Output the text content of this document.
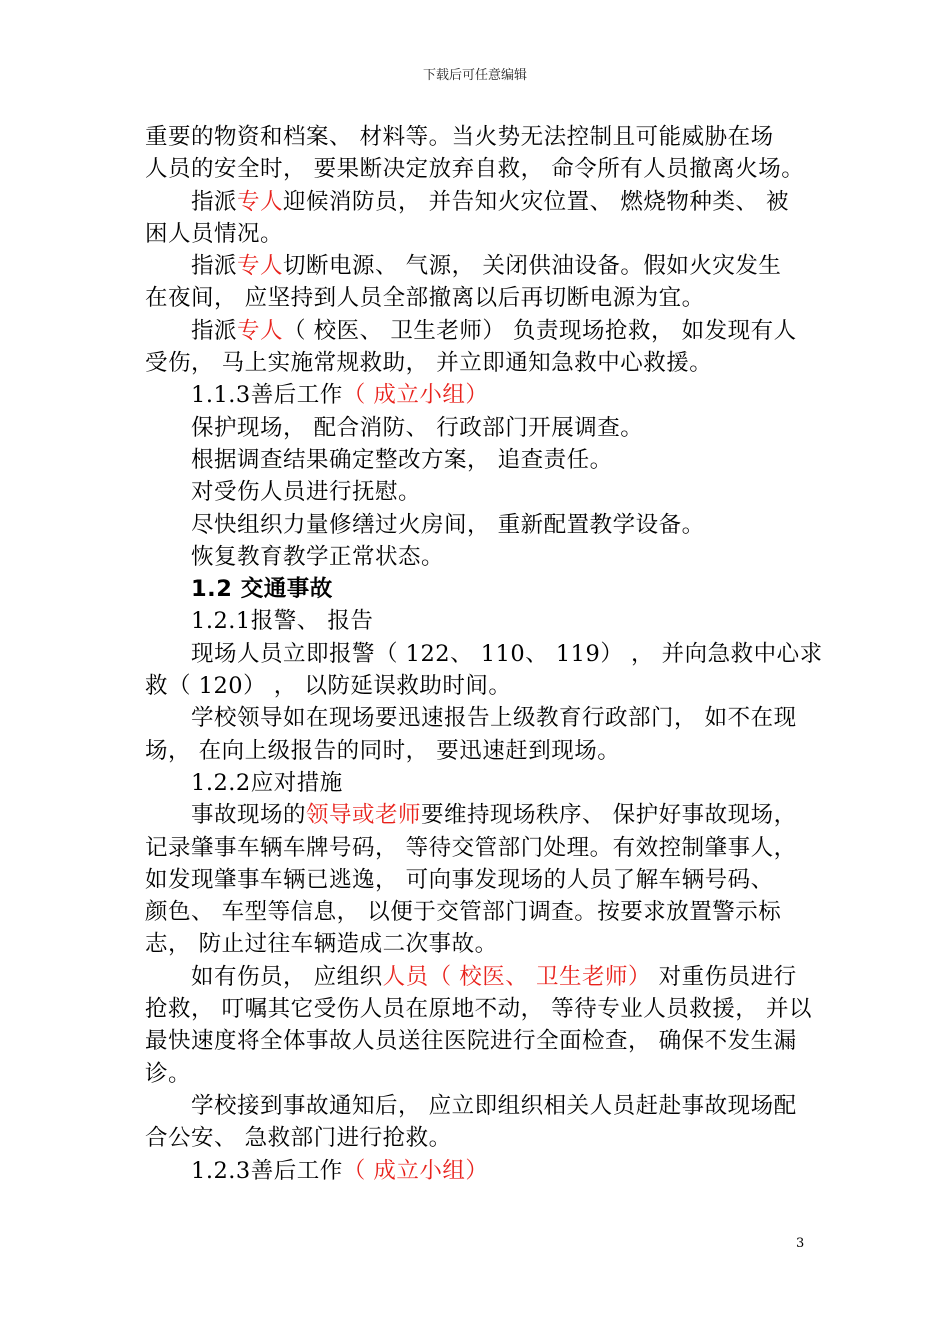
下载后可任意编辑
重要的物资和档案、 材料等。当火势无法控制且可能威胁在场
人员的安全时， 要果断决定放弃自救， 命令所有人员撤离火场。
指派专人迎候消防员， 并告知火灾位置、 燃烧物种类、 被
困人员情况。
指派专人切断电源、 气源， 关闭供油设备。假如火灾发生
在夜间， 应坚持到人员全部撤离以后再切断电源为宜。
指派专人（ 校医、 卫生老师） 负责现场抢救， 如发现有人
受伤， 马上实施常规救助， 并立即通知急救中心救援。
1.1.3善后工作（ 成立小组）
保护现场， 配合消防、 行政部门开展调查。
根据调查结果确定整改方案， 追查责任。
对受伤人员进行抚慰。
尽快组织力量修缮过火房间， 重新配置教学设备。
恢复教育教学正常状态。
1.2 交通事故
1.2.1报警、 报告
现场人员立即报警（ 122、 110、 119） ， 并向急救中心求
救（ 120） ， 以防延误救助时间。
学校领导如在现场要迅速报告上级教育行政部门， 如不在现
场， 在向上级报告的同时， 要迅速赶到现场。
1.2.2应对措施
事故现场的领导或老师要维持现场秩序、 保护好事故现场，
记录肇事车辆车牌号码， 等待交管部门处理。有效控制肇事人，
如发现肇事车辆已逃逸， 可向事发现场的人员了解车辆号码、
颜色、 车型等信息， 以便于交管部门调查。按要求放置警示标
志， 防止过往车辆造成二次事故。
如有伤员， 应组织人员（ 校医、 卫生老师） 对重伤员进行
抢救， 叮嘱其它受伤人员在原地不动， 等待专业人员救援， 并以
最快速度将全体事故人员送往医院进行全面检查， 确保不发生漏
诊。
学校接到事故通知后， 应立即组织相关人员赶赴事故现场配
合公安、 急救部门进行抢救。
1.2.3善后工作（ 成立小组）
3
